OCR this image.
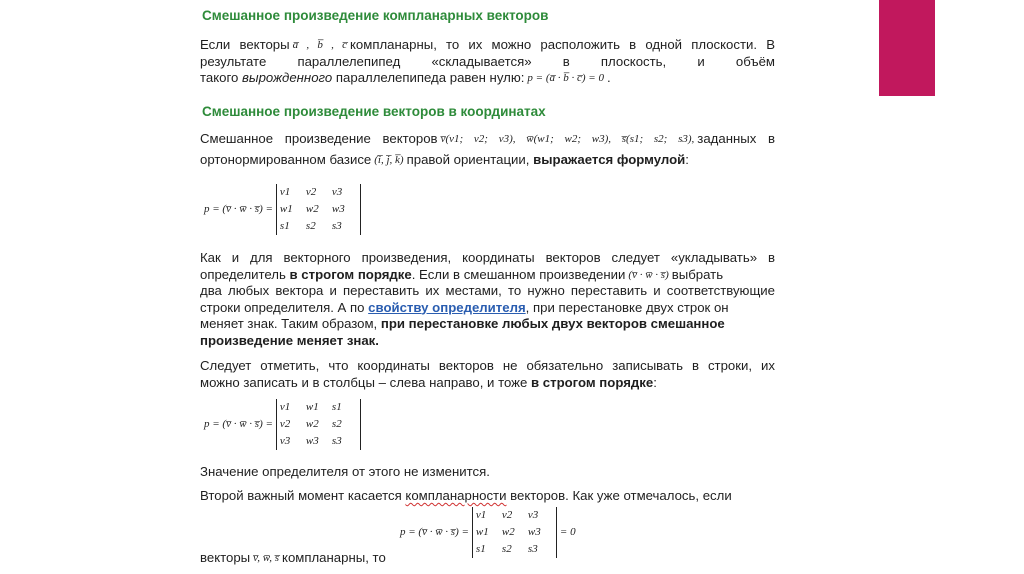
Смешанное произведение компланарных векторов
Если векторы a̅ , b̅ , c̅ компланарны, то их можно расположить в одной плоскости. В
результате параллелепипед «складывается» в плоскость, и объём
такого вырожденного параллелепипеда равен нулю: p = (a̅ · b̅ · c̅) = 0 .
Смешанное произведение векторов в координатах
Смешанное произведение векторов v̅(v1; v2; v3), w̅(w1; w2; w3), s̅(s1; s2; s3), заданных в
ортонормированном базисе (i̅, j̅, k̅) правой ориентации, выражается формулой:
p = (v̅ · w̅ · s̅) =
v1	v2	v3
w1	w2	w3
s1	s2	s3
Как и для векторного произведения, координаты векторов следует «укладывать» в
определитель в строгом порядке. Если в смешанном произведении (v̅ · w̅ · s̅) выбрать
два любых вектора и переставить их местами, то нужно переставить и соответствующие
строки определителя. А по свойству определителя, при перестановке двух строк он
меняет знак. Таким образом, при перестановке любых двух векторов смешанное
произведение меняет знак.
Следует отметить, что координаты векторов не обязательно записывать в строки, их
можно записать и в столбцы – слева направо, и тоже в строгом порядке:
p = (v̅ · w̅ · s̅) =
v1	w1	s1
v2	w2	s2
v3	w3	s3
Значение определителя от этого не изменится.
Второй важный момент касается компланарности векторов. Как уже отмечалось, если
p = (v̅ · w̅ · s̅) =
v1	v2	v3
w1	w2	w3
s1	s2	s3
= 0
векторы v̅, w̅, s̅ компланарны, то
